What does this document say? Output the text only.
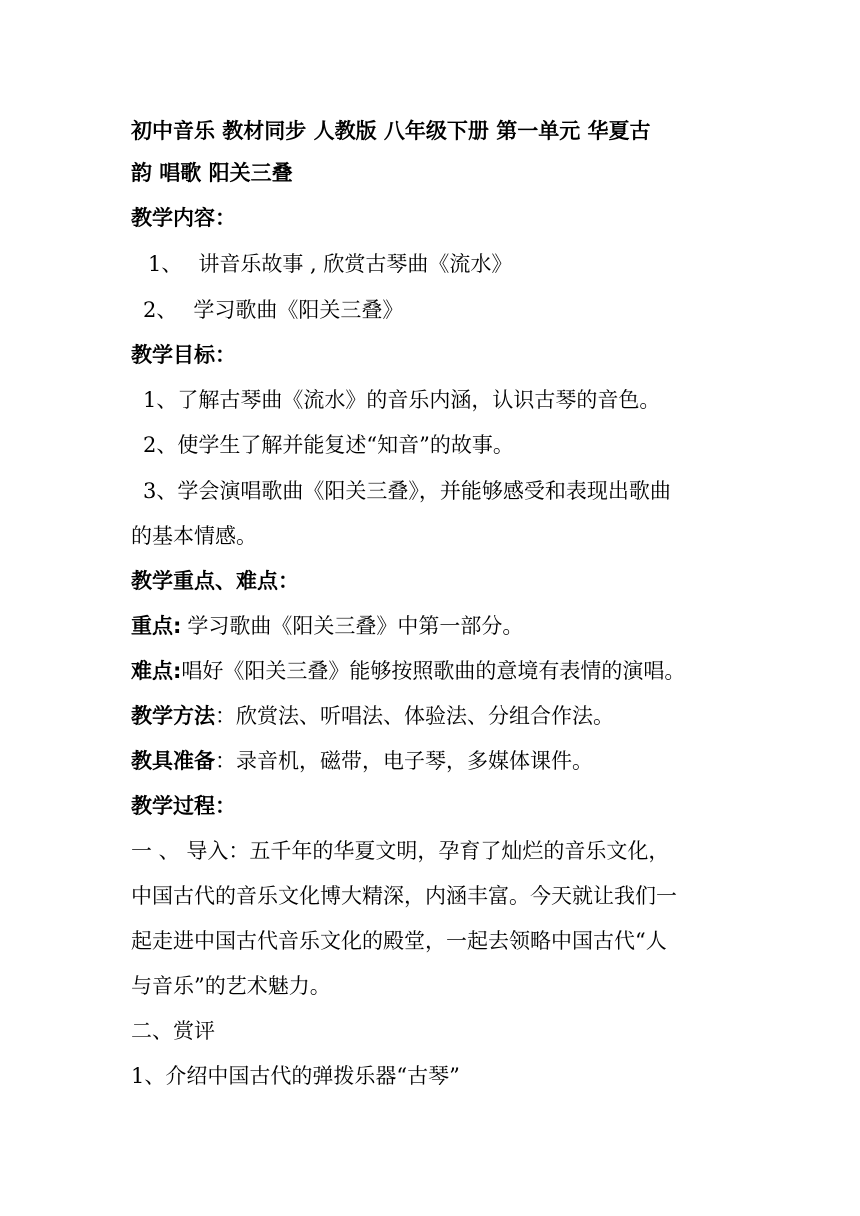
初中音乐 教材同步 人教版 八年级下册 第一单元 华夏古
韵 唱歌 阳关三叠
教学内容：
1、 讲音乐故事 , 欣赏古琴曲《流水》
2、 学习歌曲《阳关三叠》
教学目标：
1、了解古琴曲《流水》的音乐内涵，认识古琴的音色。
2、使学生了解并能复述“知音”的故事。
3、学会演唱歌曲《阳关三叠》，并能够感受和表现出歌曲
的基本情感。
教学重点、难点：
重点: 学习歌曲《阳关三叠》中第一部分。
难点:唱好《阳关三叠》能够按照歌曲的意境有表情的演唱。
教学方法：欣赏法、听唱法、体验法、分组合作法。
教具准备：录音机，磁带，电子琴，多媒体课件。
教学过程：
一 、 导入：五千年的华夏文明，孕育了灿烂的音乐文化，
中国古代的音乐文化博大精深，内涵丰富。今天就让我们一
起走进中国古代音乐文化的殿堂，一起去领略中国古代“人
与音乐”的艺术魅力。
二、赏评
1、介绍中国古代的弹拨乐器“古琴”
